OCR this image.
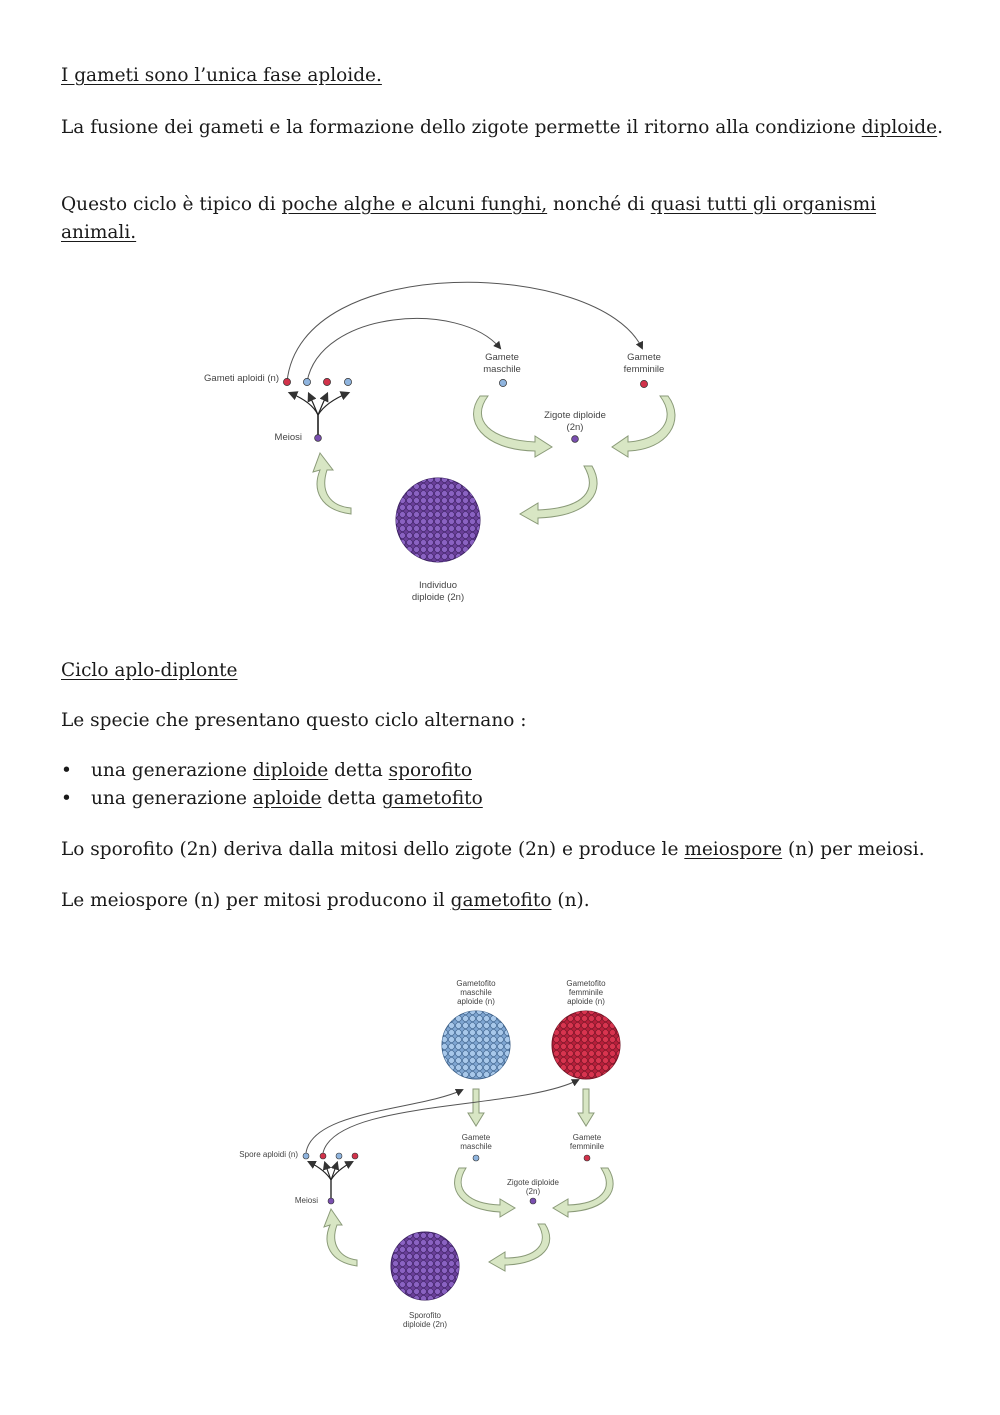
I gameti sono l’unica fase aploide.

La fusione dei gameti e la formazione dello zigote permette il ritorno alla condizione diploide.

Questo ciclo è tipico di poche alghe e alcuni funghi, nonché di quasi tutti gli organismi animali.

Gameti aploidi (n)
Meiosi
Gamete
maschile
Gamete
femminile
Zigote diploide
(2n)
Individuo
diploide (2n)

Ciclo aplo-diplonte

Le specie che presentano questo ciclo alternano :

• una generazione diploide detta sporofito
• una generazione aploide detta gametofito

Lo sporofito (2n) deriva dalla mitosi dello zigote (2n) e produce le meiospore (n) per meiosi.

Le meiospore (n) per mitosi producono il gametofito (n).

Gametofito
maschile
aploide (n)
Gametofito
femminile
aploide (n)
Gamete
maschile
Gamete
femminile
Zigote diploide
(2n)
Spore aploidi (n)
Meiosi
Sporofito
diploide (2n)
